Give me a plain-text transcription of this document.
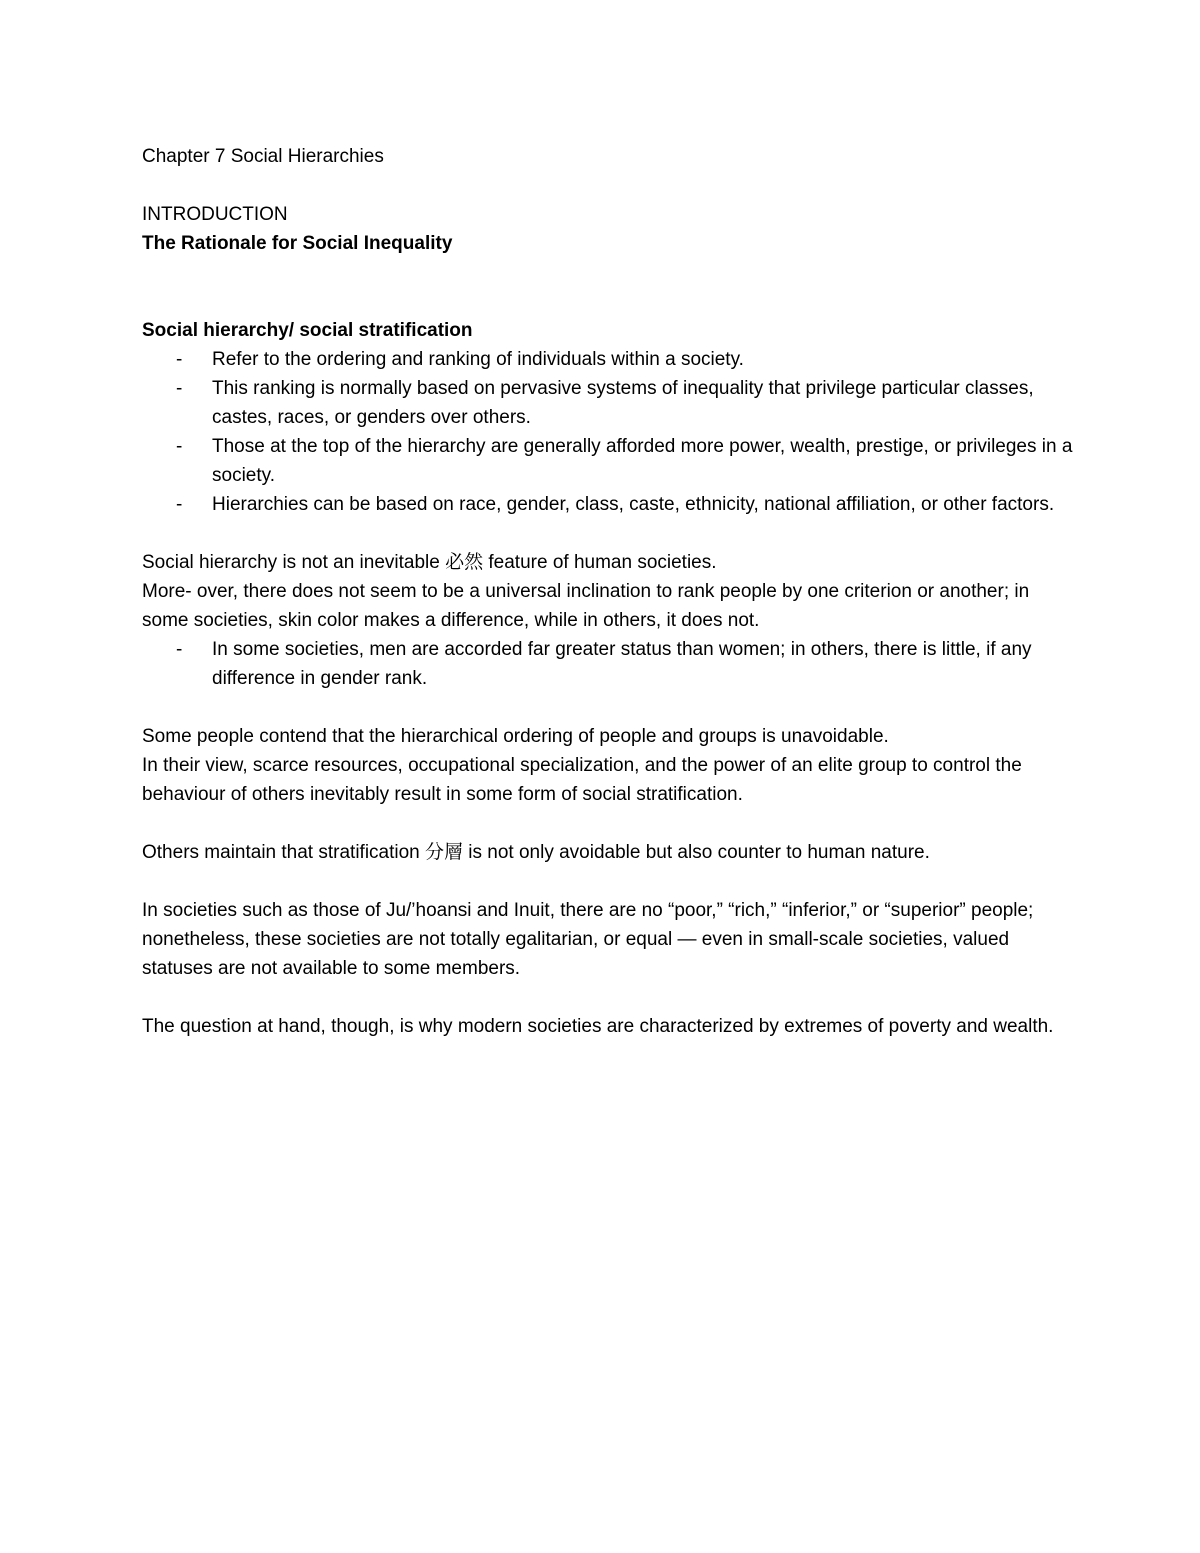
Chapter 7 Social Hierarchies

INTRODUCTION

The Rationale for Social Inequality

Social hierarchy/ social stratification

- Refer to the ordering and ranking of individuals within a society.

- This ranking is normally based on pervasive systems of inequality that privilege particular classes, castes, races, or genders over others.

- Those at the top of the hierarchy are generally afforded more power, wealth, prestige, or privileges in a society.

- Hierarchies can be based on race, gender, class, caste, ethnicity, national affiliation, or other factors.

Social hierarchy is not an inevitable 必然 feature of human societies.

More- over, there does not seem to be a universal inclination to rank people by one criterion or another; in some societies, skin color makes a difference, while in others, it does not.

- In some societies, men are accorded far greater status than women; in others, there is little, if any difference in gender rank.

Some people contend that the hierarchical ordering of people and groups is unavoidable.

In their view, scarce resources, occupational specialization, and the power of an elite group to control the behaviour of others inevitably result in some form of social stratification.

Others maintain that stratification 分層 is not only avoidable but also counter to human nature.

In societies such as those of Ju/’hoansi and Inuit, there are no “poor,” “rich,” “inferior,” or “superior” people; nonetheless, these societies are not totally egalitarian, or equal — even in small-scale societies, valued statuses are not available to some members.

The question at hand, though, is why modern societies are characterized by extremes of poverty and wealth.
